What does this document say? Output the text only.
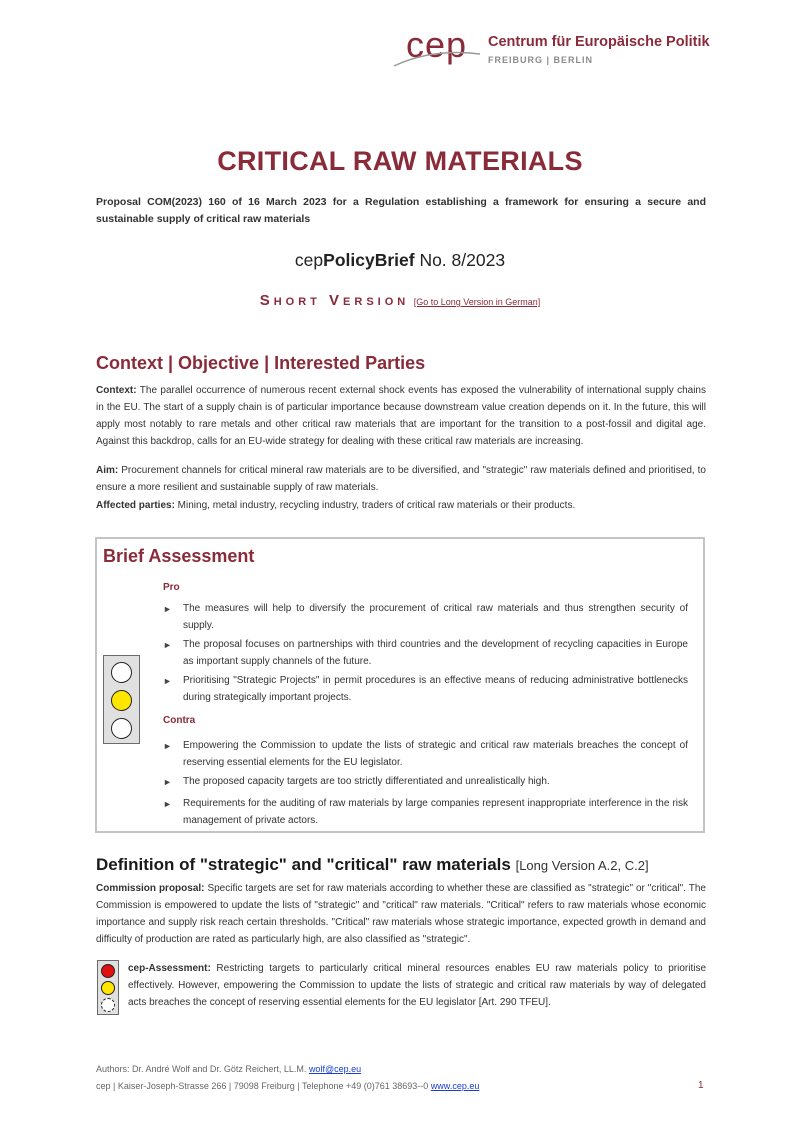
cep Centrum für Europäische Politik
FREIBURG | BERLIN
CRITICAL RAW MATERIALS
Proposal COM(2023) 160 of 16 March 2023 for a Regulation establishing a framework for ensuring a secure and sustainable supply of critical raw materials
cepPolicyBrief No. 8/2023
Short Version [Go to Long Version in German]
Context | Objective | Interested Parties
Context: The parallel occurrence of numerous recent external shock events has exposed the vulnerability of international supply chains in the EU. The start of a supply chain is of particular importance because downstream value creation depends on it. In the future, this will apply most notably to rare metals and other critical raw materials that are important for the transition to a post-fossil and digital age. Against this backdrop, calls for an EU-wide strategy for dealing with these critical raw materials are increasing.
Aim: Procurement channels for critical mineral raw materials are to be diversified, and "strategic" raw materials defined and prioritised, to ensure a more resilient and sustainable supply of raw materials.
Affected parties: Mining, metal industry, recycling industry, traders of critical raw materials or their products.
Brief Assessment
Pro
►	The measures will help to diversify the procurement of critical raw materials and thus strengthen security of supply.
►	The proposal focuses on partnerships with third countries and the development of recycling capacities in Europe as important supply channels of the future.
►	Prioritising "Strategic Projects" in permit procedures is an effective means of reducing administrative bottlenecks during strategically important projects.
Contra
►	Empowering the Commission to update the lists of strategic and critical raw materials breaches the concept of reserving essential elements for the EU legislator.
►	The proposed capacity targets are too strictly differentiated and unrealistically high.
►	Requirements for the auditing of raw materials by large companies represent inappropriate interference in the risk management of private actors.
Definition of "strategic" and "critical" raw materials [Long Version A.2, C.2]
Commission proposal: Specific targets are set for raw materials according to whether these are classified as "strategic" or "critical". The Commission is empowered to update the lists of "strategic" and "critical" raw materials. "Critical" refers to raw materials whose economic importance and supply risk reach certain thresholds. "Critical" raw materials whose strategic importance, expected growth in demand and difficulty of production are rated as particularly high, are also classified as "strategic".
cep-Assessment: Restricting targets to particularly critical mineral resources enables EU raw materials policy to prioritise effectively. However, empowering the Commission to update the lists of strategic and critical raw materials by way of delegated acts breaches the concept of reserving essential elements for the EU legislator [Art. 290 TFEU].
Authors: Dr. André Wolf and Dr. Götz Reichert, LL.M. wolf@cep.eu
cep | Kaiser-Joseph-Strasse 266 | 79098 Freiburg | Telephone +49 (0)761 38693--0 www.cep.eu	1
